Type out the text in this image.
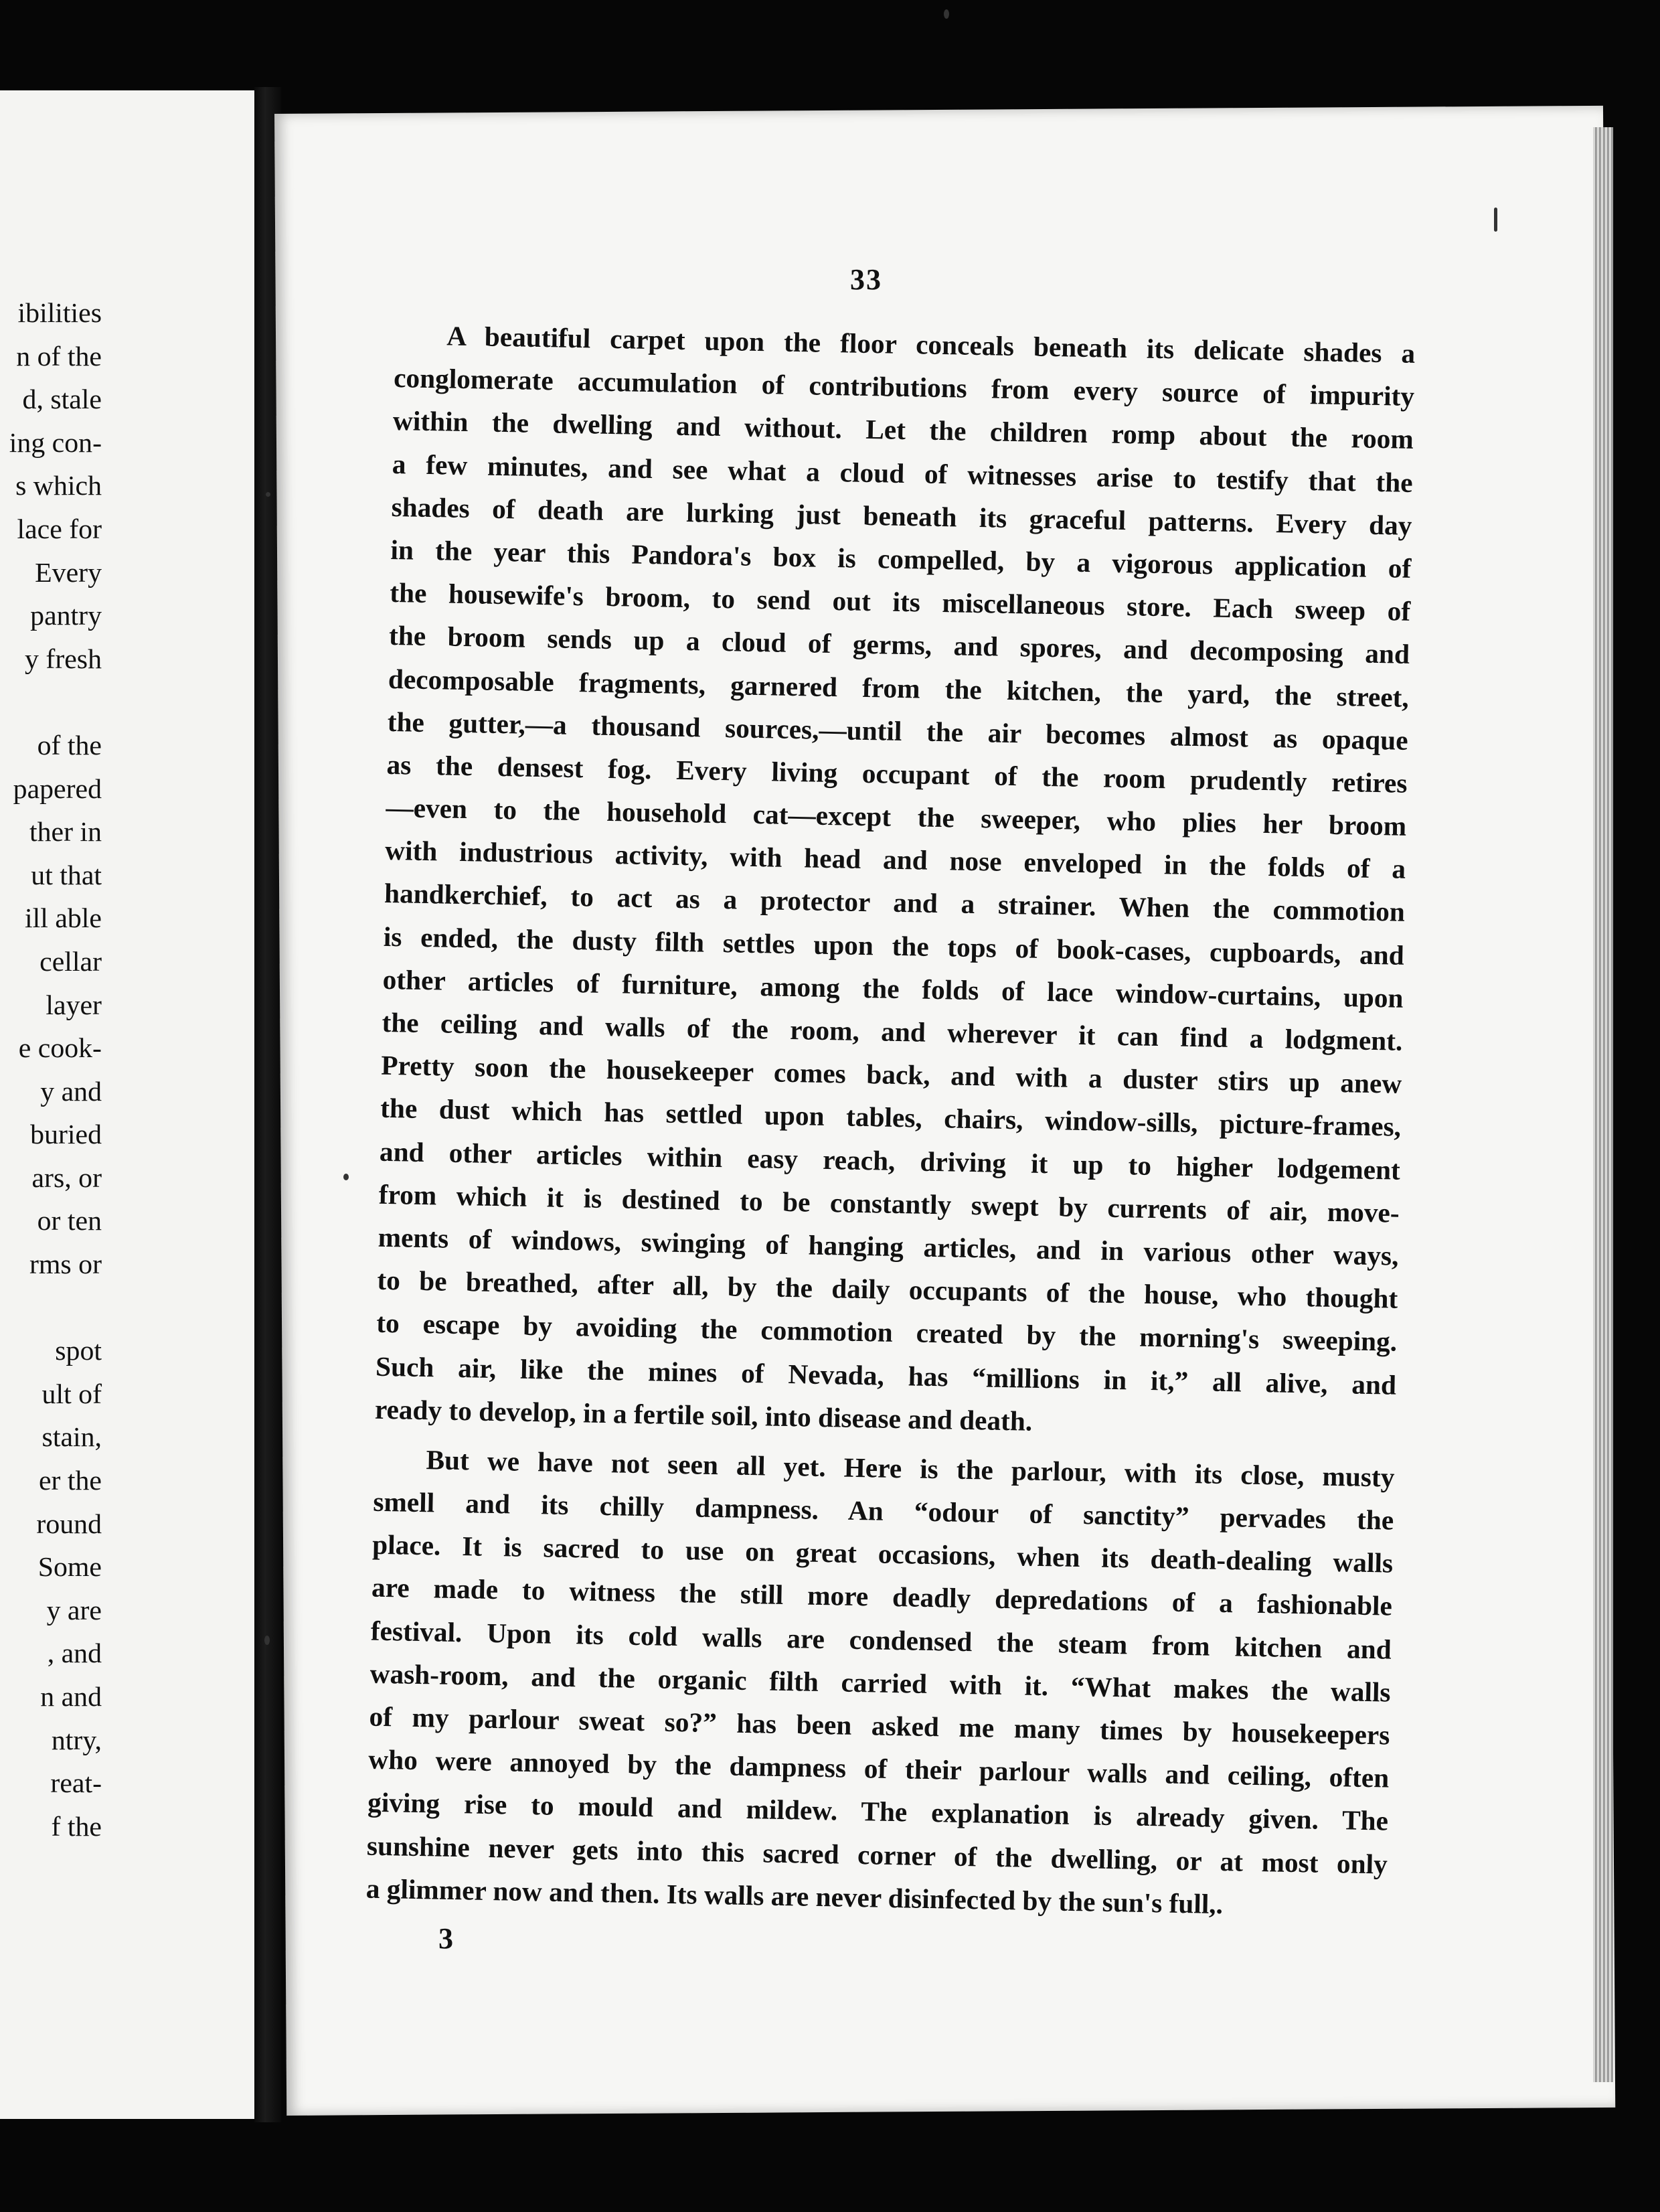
ibilities
n of the
d, stale
ing con-
s which
lace for
Every
pantry
y fresh
of the
papered
ther in
ut that
ill able
cellar
layer
e cook-
y and
buried
ars, or
or ten
rms or
spot
ult of
stain,
er the
round
Some
y are
, and
n and
ntry,
reat-
f the
33
A beautiful carpet upon the floor conceals beneath its delicate shades a
conglomerate accumulation of contributions from every source of impurity
within the dwelling and without. Let the children romp about the room
a few minutes, and see what a cloud of witnesses arise to testify that the
shades of death are lurking just beneath its graceful patterns. Every day
in the year this Pandora's box is compelled, by a vigorous application of
the housewife's broom, to send out its miscellaneous store. Each sweep of
the broom sends up a cloud of germs, and spores, and decomposing and
decomposable fragments, garnered from the kitchen, the yard, the street,
the gutter,—a thousand sources,—until the air becomes almost as opaque
as the densest fog. Every living occupant of the room prudently retires
—even to the household cat—except the sweeper, who plies her broom
with industrious activity, with head and nose enveloped in the folds of a
handkerchief, to act as a protector and a strainer. When the commotion
is ended, the dusty filth settles upon the tops of book-cases, cupboards, and
other articles of furniture, among the folds of lace window-curtains, upon
the ceiling and walls of the room, and wherever it can find a lodgment.
Pretty soon the housekeeper comes back, and with a duster stirs up anew
the dust which has settled upon tables, chairs, window-sills, picture-frames,
and other articles within easy reach, driving it up to higher lodgement
from which it is destined to be constantly swept by currents of air, move-
ments of windows, swinging of hanging articles, and in various other ways,
to be breathed, after all, by the daily occupants of the house, who thought
to escape by avoiding the commotion created by the morning's sweeping.
Such air, like the mines of Nevada, has “millions in it,” all alive, and
ready to develop, in a fertile soil, into disease and death.
But we have not seen all yet. Here is the parlour, with its close, musty
smell and its chilly dampness. An “odour of sanctity” pervades the
place. It is sacred to use on great occasions, when its death-dealing walls
are made to witness the still more deadly depredations of a fashionable
festival. Upon its cold walls are condensed the steam from kitchen and
wash-room, and the organic filth carried with it. “What makes the walls
of my parlour sweat so?” has been asked me many times by housekeepers
who were annoyed by the dampness of their parlour walls and ceiling, often
giving rise to mould and mildew. The explanation is already given. The
sunshine never gets into this sacred corner of the dwelling, or at most only
a glimmer now and then. Its walls are never disinfected by the sun's full,.
3
